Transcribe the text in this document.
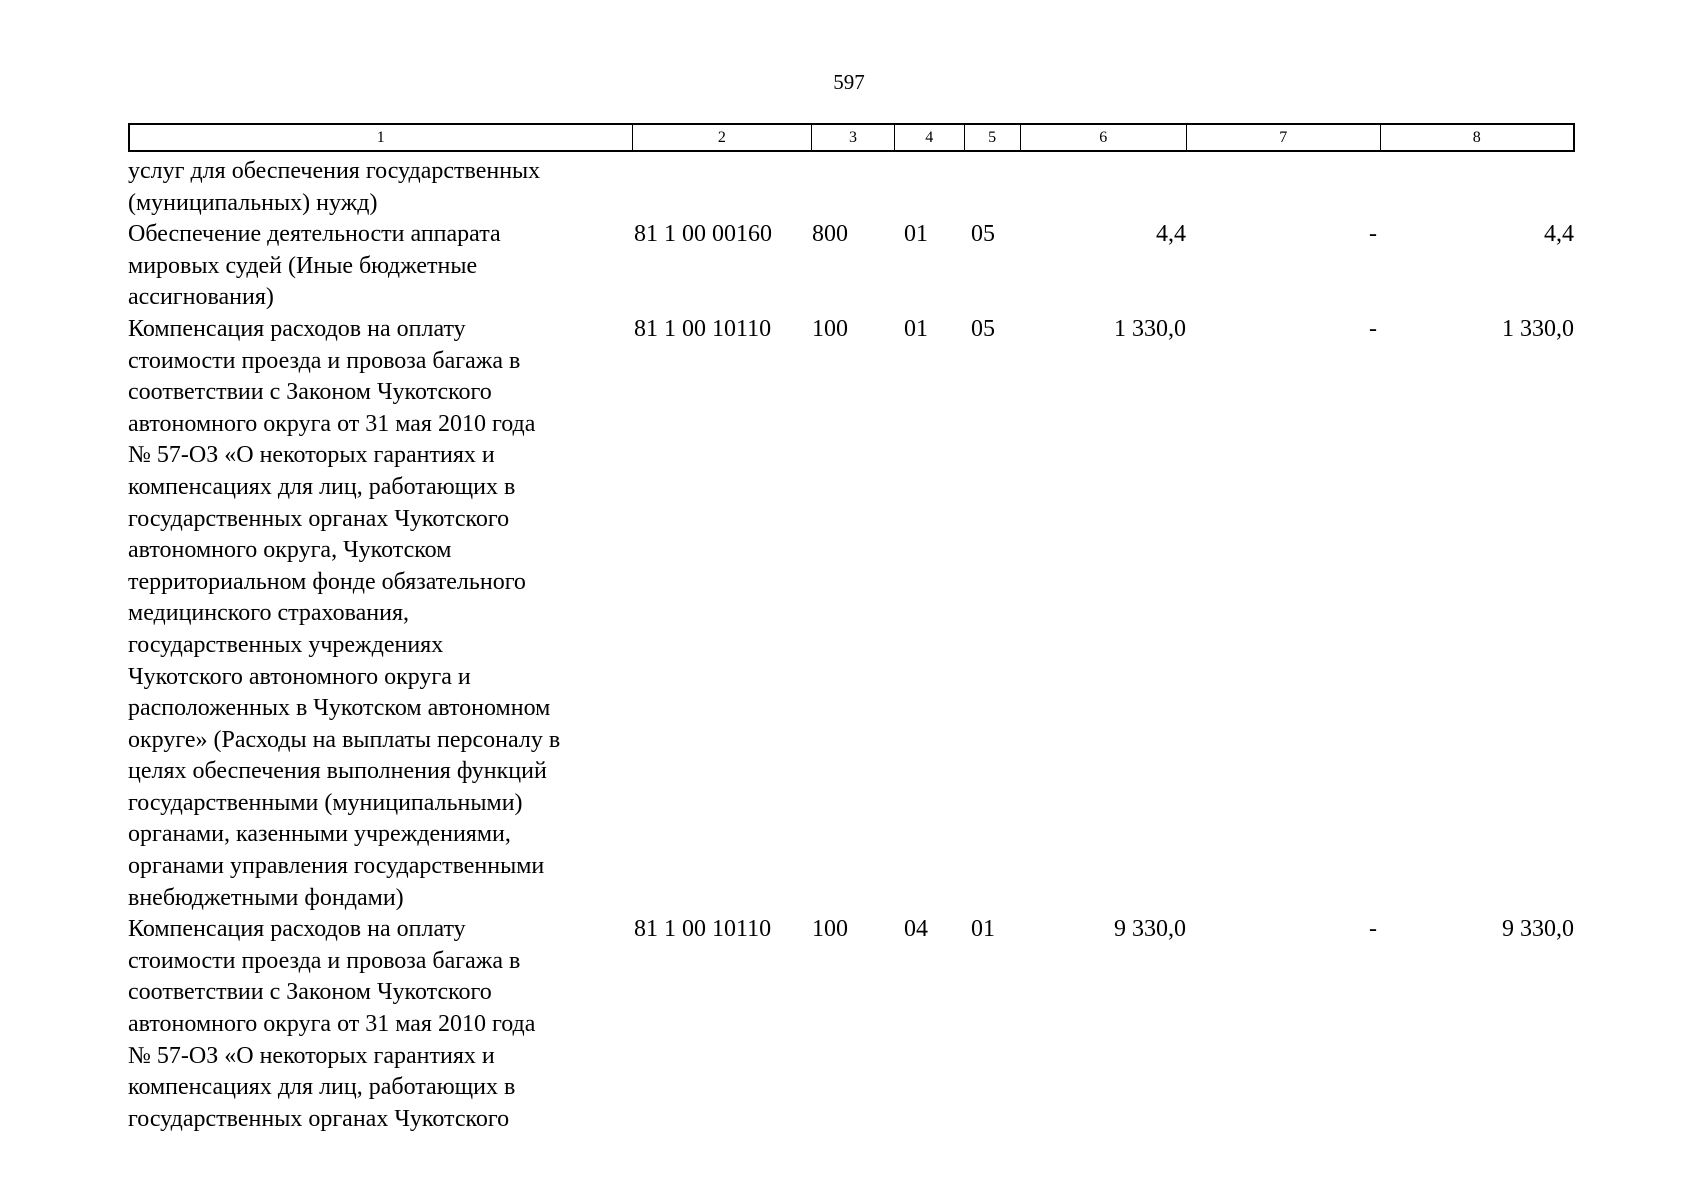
597
1	2	3	4	5	6	7	8
услуг для обеспечения государственных
(муниципальных) нужд)
Обеспечение деятельности аппарата
мировых судей (Иные бюджетные
ассигнования)
81 1 00 00160	800	01	05	4,4	-	4,4
Компенсация расходов на оплату
стоимости проезда и провоза багажа в
соответствии с Законом Чукотского
автономного округа от 31 мая 2010 года
№ 57-ОЗ «О некоторых гарантиях и
компенсациях для лиц, работающих в
государственных органах Чукотского
автономного округа, Чукотском
территориальном фонде обязательного
медицинского страхования,
государственных учреждениях
Чукотского автономного округа и
расположенных в Чукотском автономном
округе» (Расходы на выплаты персоналу в
целях обеспечения выполнения функций
государственными (муниципальными)
органами, казенными учреждениями,
органами управления государственными
внебюджетными фондами)
81 1 00 10110	100	01	05	1 330,0	-	1 330,0
Компенсация расходов на оплату
стоимости проезда и провоза багажа в
соответствии с Законом Чукотского
автономного округа от 31 мая 2010 года
№ 57-ОЗ «О некоторых гарантиях и
компенсациях для лиц, работающих в
государственных органах Чукотского
81 1 00 10110	100	04	01	9 330,0	-	9 330,0
